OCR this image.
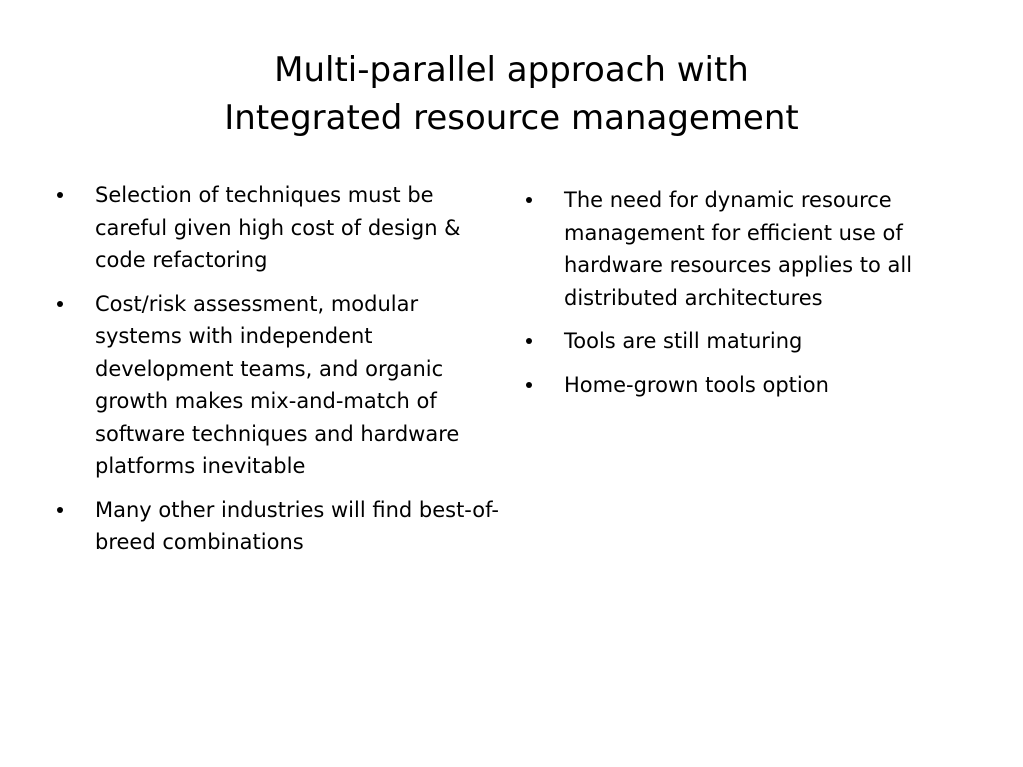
Multi-parallel approach with
Integrated resource management
Selection of techniques must be careful given high cost of design & code refactoring
Cost/risk assessment, modular systems with independent development teams, and organic growth makes mix-and-match of software techniques and hardware platforms inevitable
Many other industries will find best-of-breed combinations
The need for dynamic resource management for efficient use of hardware resources applies to all distributed architectures
Tools are still maturing
Home-grown tools option
